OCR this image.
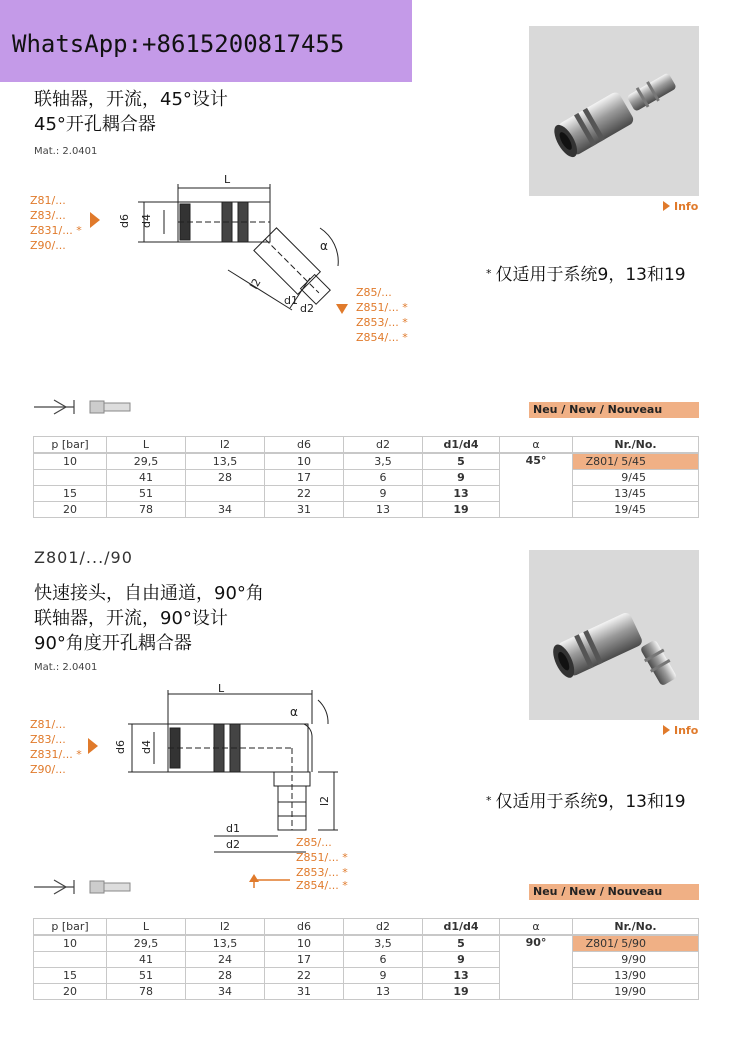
WhatsApp:+8615200817455
联轴器，开流，45°设计
45°开孔耦合器
Mat.: 2.0401
Info
Z81/...
Z83/...
Z831/... *
Z90/...
L
d6 d4
l2
d1
d2
α
Z85/...
Z851/... *
Z853/... *
Z854/... *
* 仅适用于系统9，13和19
Neu / New / Nouveau
p [bar]	L	l2	d6	d2	d1/d4	α	Nr./No.
10	29,5	13,5	10	3,5	5	45°	Z801/ 5/45
	41	28	17	6	9		9/45
15	51		22	9	13		13/45
20	78	34	31	13	19		19/45
Z801/.../90
快速接头，自由通道，90°角
联轴器，开流，90°设计
90°角度开孔耦合器
Mat.: 2.0401
Info
Z81/...
Z83/...
Z831/... *
Z90/...
L
d6 d4
l2
d1
d2
α
Z85/...
Z851/... *
Z853/... *
Z854/... *
* 仅适用于系统9，13和19
Neu / New / Nouveau
p [bar]	L	l2	d6	d2	d1/d4	α	Nr./No.
10	29,5	13,5	10	3,5	5	90°	Z801/ 5/90
	41	24	17	6	9		9/90
15	51	28	22	9	13		13/90
20	78	34	31	13	19		19/90
